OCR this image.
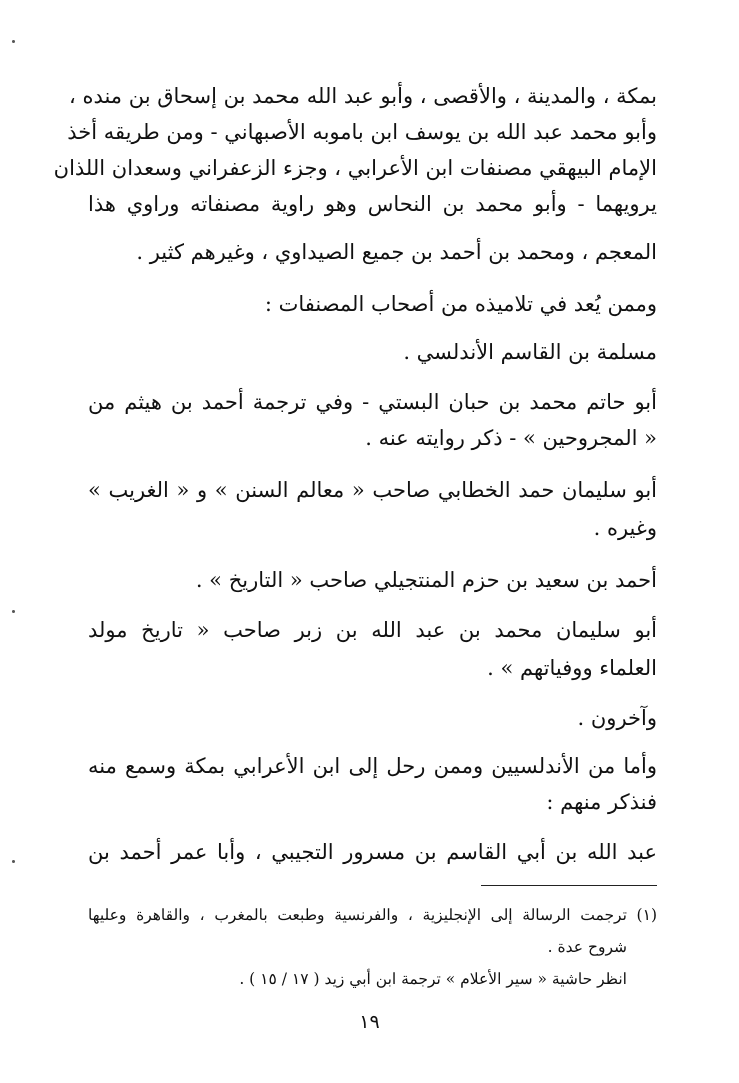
بمكة ، والمدينة ، والأقصى ، وأبو عبد الله محمد بن إسحاق بن منده ،
وأبو محمد عبد الله بن يوسف ابن باموبه الأصبهاني - ومن طريقه أخذ
الإمام البيهقي مصنفات ابن الأعرابي ، وجزء الزعفراني وسعدان اللذان
يرويهما - وأبو محمد بن النحاس وهو راوية مصنفاته وراوي هذا
المعجم ، ومحمد بن أحمد بن جميع الصيداوي ، وغيرهم كثير .
وممن يُعد في تلاميذه من أصحاب المصنفات :
مسلمة بن القاسم الأندلسي .
أبو حاتم محمد بن حبان البستي - وفي ترجمة أحمد بن هيثم من
« المجروحين » - ذكر روايته عنه .
أبو سليمان حمد الخطابي صاحب « معالم السنن » و « الغريب »
وغيره .
أحمد بن سعيد بن حزم المنتجيلي صاحب « التاريخ » .
أبو سليمان محمد بن عبد الله بن زبر صاحب « تاريخ مولد
العلماء ووفياتهم » .
وآخرون .
وأما من الأندلسيين وممن رحل إلى ابن الأعرابي بمكة وسمع منه
فنذكر منهم :
عبد الله بن أبي القاسم بن مسرور التجيبي ، وأبا عمر أحمد بن
(١) ترجمت الرسالة إلى الإنجليزية ، والفرنسية وطبعت بالمغرب ، والقاهرة وعليها
شروح عدة .
انظر حاشية « سير الأعلام » ترجمة ابن أبي زيد ( ١٧ / ١٥ ) .
١٩
